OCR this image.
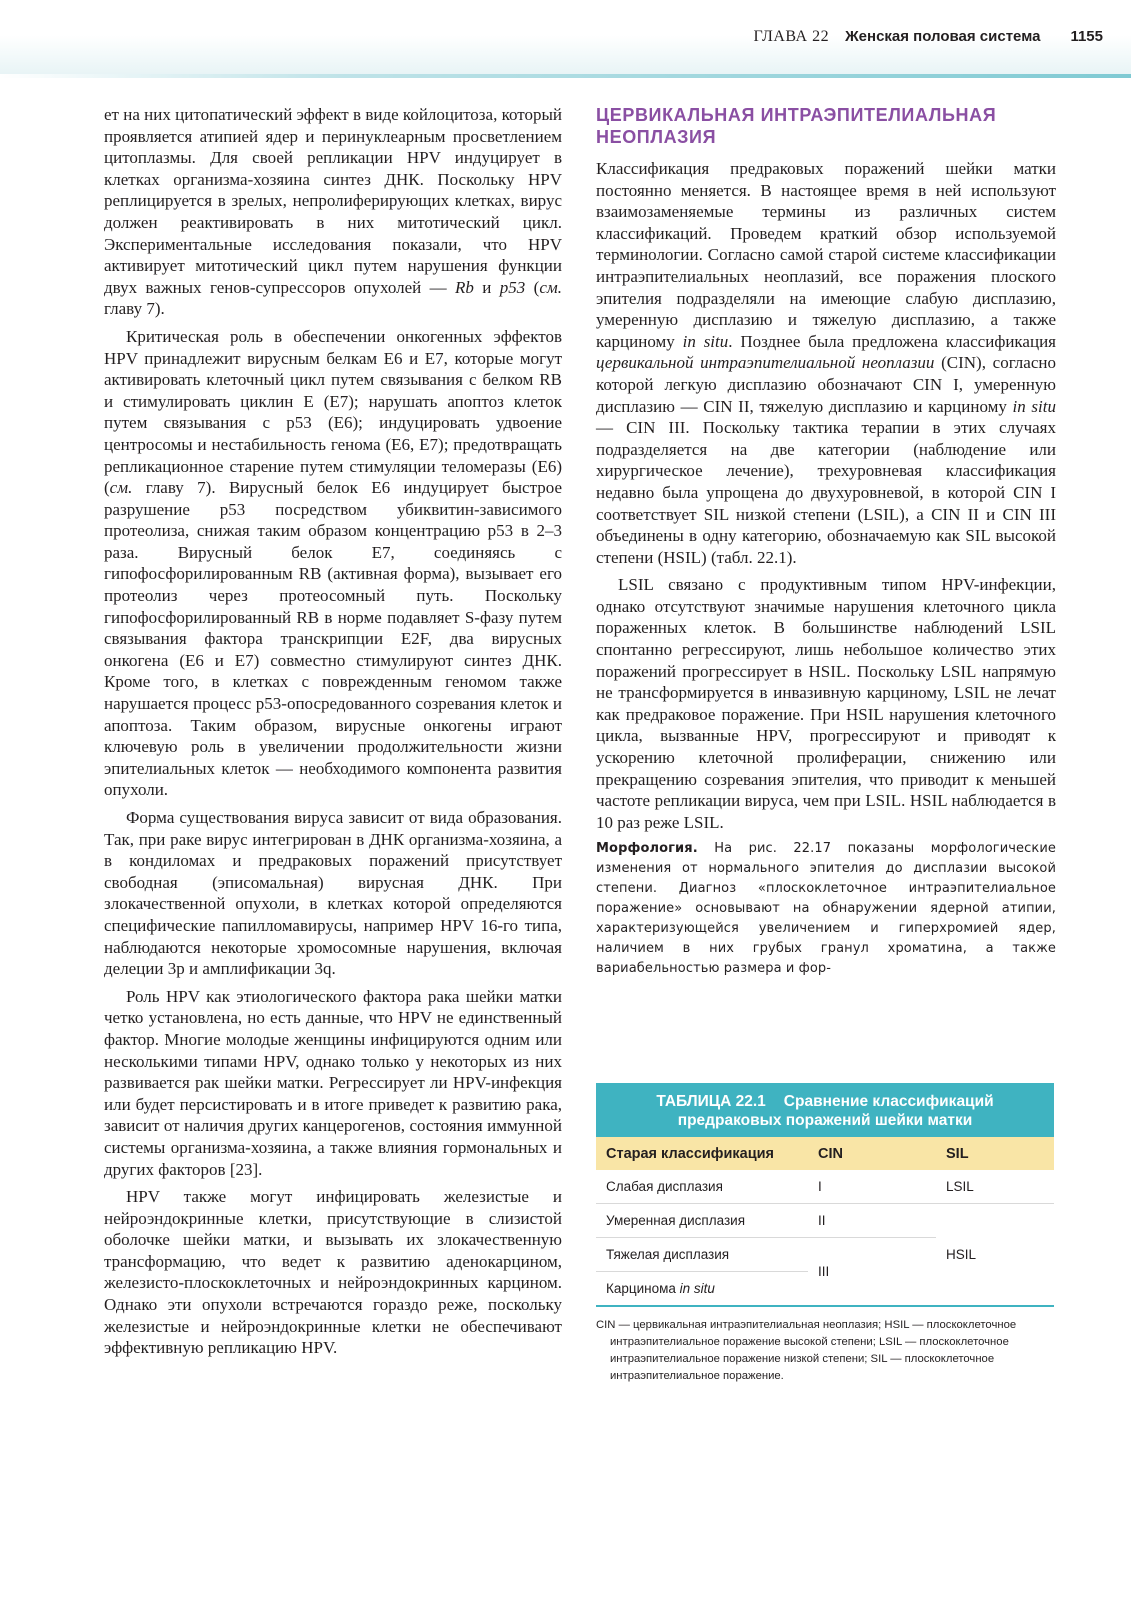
ГЛАВА 22 Женская половая система 1155

ет на них цитопатический эффект в виде койлоцитоза, который проявляется атипией ядер и перинуклеарным просветлением цитоплазмы. Для своей репликации HPV индуцирует в клетках организма-хозяина синтез ДНК. Поскольку HPV реплицируется в зрелых, непролиферирующих клетках, вирус должен реактивировать в них митотический цикл. Экспериментальные исследования показали, что HPV активирует митотический цикл путем нарушения функции двух важных генов-супрессоров опухолей — Rb и p53 (см. главу 7).

Критическая роль в обеспечении онкогенных эффектов HPV принадлежит вирусным белкам E6 и E7, которые могут активировать клеточный цикл путем связывания с белком RB и стимулировать циклин E (E7); нарушать апоптоз клеток путем связывания с p53 (E6); индуцировать удвоение центросомы и нестабильность генома (E6, E7); предотвращать репликационное старение путем стимуляции теломеразы (E6) (см. главу 7). Вирусный белок E6 индуцирует быстрое разрушение p53 посредством убиквитин-зависимого протеолиза, снижая таким образом концентрацию p53 в 2–3 раза. Вирусный белок E7, соединяясь с гипофосфорилированным RB (активная форма), вызывает его протеолиз через протеосомный путь. Поскольку гипофосфорилированный RB в норме подавляет S-фазу путем связывания фактора транскрипции E2F, два вирусных онкогена (E6 и E7) совместно стимулируют синтез ДНК. Кроме того, в клетках с поврежденным геномом также нарушается процесс p53-опосредованного созревания клеток и апоптоза. Таким образом, вирусные онкогены играют ключевую роль в увеличении продолжительности жизни эпителиальных клеток — необходимого компонента развития опухоли.

Форма существования вируса зависит от вида образования. Так, при раке вирус интегрирован в ДНК организма-хозяина, а в кондиломах и предраковых поражений присутствует свободная (эписомальная) вирусная ДНК. При злокачественной опухоли, в клетках которой определяются специфические папилломавирусы, например HPV 16-го типа, наблюдаются некоторые хромосомные нарушения, включая делеции 3p и амплификации 3q.

Роль HPV как этиологического фактора рака шейки матки четко установлена, но есть данные, что HPV не единственный фактор. Многие молодые женщины инфицируются одним или несколькими типами HPV, однако только у некоторых из них развивается рак шейки матки. Регрессирует ли HPV-инфекция или будет персистировать и в итоге приведет к развитию рака, зависит от наличия других канцерогенов, состояния иммунной системы организма-хозяина, а также влияния гормональных и других факторов [23].

HPV также могут инфицировать железистые и нейроэндокринные клетки, присутствующие в слизистой оболочке шейки матки, и вызывать их злокачественную трансформацию, что ведет к развитию аденокарцином, железисто-плоскоклеточных и нейроэндокринных карцином. Однако эти опухоли встречаются гораздо реже, поскольку железистые и нейроэндокринные клетки не обеспечивают эффективную репликацию HPV.

ЦЕРВИКАЛЬНАЯ ИНТРАЭПИТЕЛИАЛЬНАЯ НЕОПЛАЗИЯ

Классификация предраковых поражений шейки матки постоянно меняется. В настоящее время в ней используют взаимозаменяемые термины из различных систем классификаций. Проведем краткий обзор используемой терминологии. Согласно самой старой системе классификации интраэпителиальных неоплазий, все поражения плоского эпителия подразделяли на имеющие слабую дисплазию, умеренную дисплазию и тяжелую дисплазию, а также карциному in situ. Позднее была предложена классификация цервикальной интраэпителиальной неоплазии (CIN), согласно которой легкую дисплазию обозначают CIN I, умеренную дисплазию — CIN II, тяжелую дисплазию и карциному in situ — CIN III. Поскольку тактика терапии в этих случаях подразделяется на две категории (наблюдение или хирургическое лечение), трехуровневая классификация недавно была упрощена до двухуровневой, в которой CIN I соответствует SIL низкой степени (LSIL), а CIN II и CIN III объединены в одну категорию, обозначаемую как SIL высокой степени (HSIL) (табл. 22.1).

LSIL связано с продуктивным типом HPV-инфекции, однако отсутствуют значимые нарушения клеточного цикла пораженных клеток. В большинстве наблюдений LSIL спонтанно регрессируют, лишь небольшое количество этих поражений прогрессирует в HSIL. Поскольку LSIL напрямую не трансформируется в инвазивную карциному, LSIL не лечат как предраковое поражение. При HSIL нарушения клеточного цикла, вызванные HPV, прогрессируют и приводят к ускорению клеточной пролиферации, снижению или прекращению созревания эпителия, что приводит к меньшей частоте репликации вируса, чем при LSIL. HSIL наблюдается в 10 раз реже LSIL.

Морфология. На рис. 22.17 показаны морфологические изменения от нормального эпителия до дисплазии высокой степени. Диагноз «плоскоклеточное интраэпителиальное поражение» основывают на обнаружении ядерной атипии, характеризующейся увеличением и гиперхромией ядер, наличием в них грубых гранул хроматина, а также вариабельностью размера и фор-

ТАБЛИЦА 22.1 Сравнение классификаций
предраковых поражений шейки матки
Старая классификация	CIN	SIL
Слабая дисплазия	I	LSIL
Умеренная дисплазия	II	HSIL
Тяжелая дисплазия	III	
Карцинома in situ		
CIN — цервикальная интраэпителиальная неоплазия; HSIL — плоскоклеточное интраэпителиальное поражение высокой степени; LSIL — плоскоклеточное интраэпителиальное поражение низкой степени; SIL — плоскоклеточное интраэпителиальное поражение.
